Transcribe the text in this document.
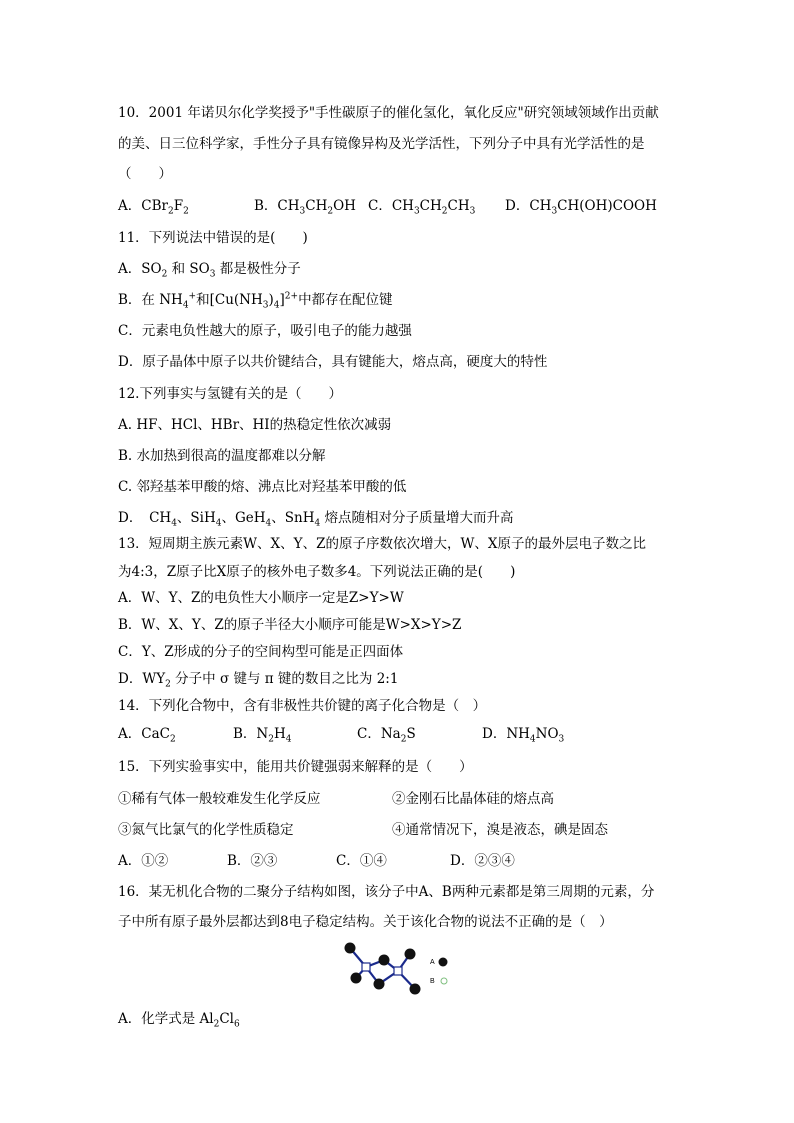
10．2001 年诺贝尔化学奖授予"手性碳原子的催化氢化，氧化反应"研究领域领域作出贡献
的美、日三位科学家，手性分子具有镜像异构及光学活性，下列分子中具有光学活性的是
（　　）
A．$CBr_2F_2$	B．$CH_3CH_2OH$ C．$CH_3CH_2CH_3$ D．$CH_3CH(OH)COOH$
11．下列说法中错误的是(　　)
A．$SO_2$ 和 $SO_3$ 都是极性分子
B．在 $NH_4^+$和$[Cu(NH_3)_4]^{2+}$中都存在配位键
C．元素电负性越大的原子，吸引电子的能力越强
D．原子晶体中原子以共价键结合，具有键能大，熔点高，硬度大的特性
12.下列事实与氢键有关的是（　　）
A. HF、HCl、HBr、HI的热稳定性依次减弱
B. 水加热到很高的温度都难以分解
C. 邻羟基苯甲酸的熔、沸点比对羟基苯甲酸的低
D．　$CH_4$、SiH$_4$、GeH$_4$、SnH$_4$ 熔点随相对分子质量增大而升高
13．短周期主族元素W、X、Y、Z的原子序数依次增大，W、X原子的最外层电子数之比
为4:3，Z原子比X原子的核外电子数多4。下列说法正确的是(　　)
A．W、Y、Z的电负性大小顺序一定是Z>Y>W
B．W、X、Y、Z的原子半径大小顺序可能是W>X>Y>Z
C．Y、Z形成的分子的空间构型可能是正四面体
D．$WY_2$ 分子中 σ 键与 π 键的数目之比为 2:1
14．下列化合物中，含有非极性共价键的离子化合物是（　）
A．CaC$_2$	B．$N_2H_4$	C．$Na_2S$	D．$NH_4NO_3$
15．下列实验事实中，能用共价键强弱来解释的是（　　）
①稀有气体一般较难发生化学反应	②金刚石比晶体硅的熔点高
③氮气比氯气的化学性质稳定	④通常情况下，溴是液态，碘是固态
A．①②	B．②③	C．①④	D．②③④
16．某无机化合物的二聚分子结构如图，该分子中A、B两种元素都是第三周期的元素，分
子中所有原子最外层都达到8电子稳定结构。关于该化合物的说法不正确的是（　）
A
B
A．化学式是 $Al_2Cl_6$
